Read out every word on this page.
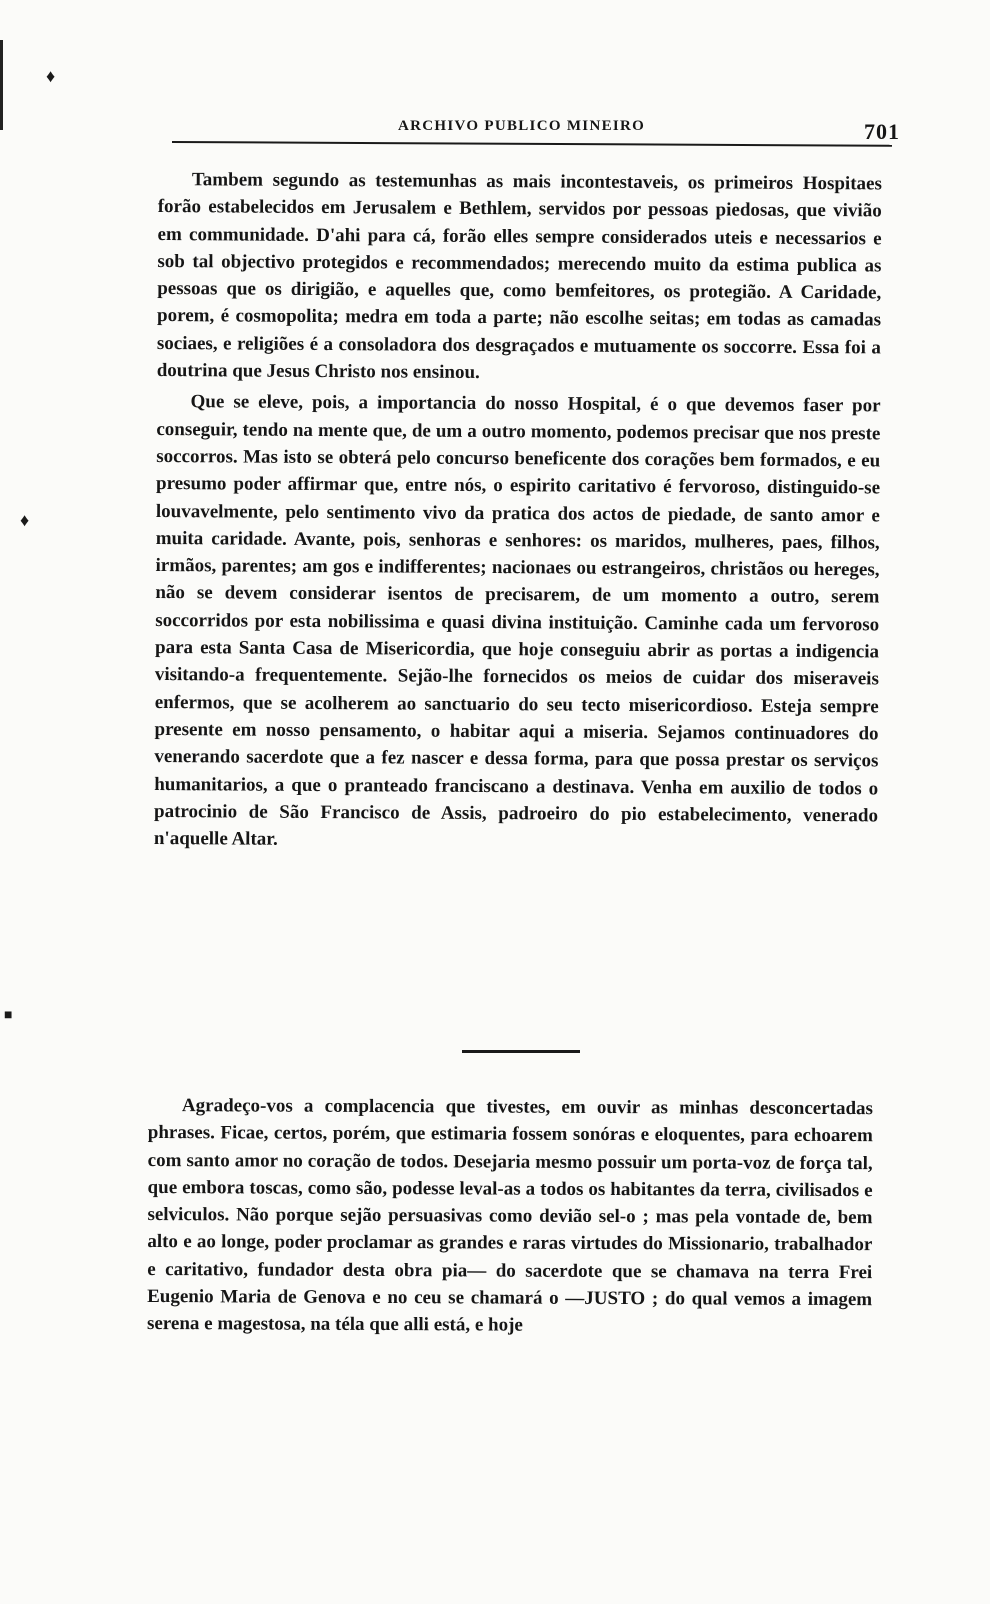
♦
♦
■
ARCHIVO PUBLICO MINEIRO	701

Tambem segundo as testemunhas as mais incontestaveis, os primeiros Hospitaes forão estabelecidos em Jerusalem e Bethlem, servidos por pessoas piedosas, que vivião em communidade. D'ahi para cá, forão elles sempre considerados uteis e necessarios e sob tal objectivo protegidos e recommendados; merecendo muito da estima publica as pessoas que os dirigião, e aquelles que, como bemfeitores, os protegião. A Caridade, porem, é cosmopolita; medra em toda a parte; não escolhe seitas; em todas as camadas sociaes, e religiões é a consoladora dos desgraçados e mutuamente os soccorre. Essa foi a doutrina que Jesus Christo nos ensinou.

Que se eleve, pois, a importancia do nosso Hospital, é o que devemos faser por conseguir, tendo na mente que, de um a outro momento, podemos precisar que nos preste soccorros. Mas isto se obterá pelo concurso beneficente dos corações bem formados, e eu presumo poder affirmar que, entre nós, o espirito caritativo é fervoroso, distinguido-se louvavelmente, pelo sentimento vivo da pratica dos actos de piedade, de santo amor e muita caridade. Avante, pois, senhoras e senhores: os maridos, mulheres, paes, filhos, irmãos, parentes; am gos e indifferentes; nacionaes ou estrangeiros, christãos ou hereges, não se devem considerar isentos de precisarem, de um momento a outro, serem soccorridos por esta nobilissima e quasi divina instituição. Caminhe cada um fervoroso para esta Santa Casa de Misericordia, que hoje conseguiu abrir as portas a indigencia visitando-a frequentemente. Sejão-lhe fornecidos os meios de cuidar dos miseraveis enfermos, que se acolherem ao sanctuario do seu tecto misericordioso. Esteja sempre presente em nosso pensamento, o habitar aqui a miseria. Sejamos continuadores do venerando sacerdote que a fez nascer e dessa forma, para que possa prestar os serviços humanitarios, a que o pranteado franciscano a destinava. Venha em auxilio de todos o patrocinio de São Francisco de Assis, padroeiro do pio estabelecimento, venerado n'aquelle Altar.

Agradeço-vos a complacencia que tivestes, em ouvir as minhas desconcertadas phrases. Ficae, certos, porém, que estimaria fossem sonóras e eloquentes, para echoarem com santo amor no coração de todos. Desejaria mesmo possuir um porta-voz de força tal, que embora toscas, como são, podesse leval-as a todos os habitantes da terra, civilisados e selviculos. Não porque sejão persuasivas como devião sel-o ; mas pela vontade de, bem alto e ao longe, poder proclamar as grandes e raras virtudes do Missionario, trabalhador e caritativo, fundador desta obra pia— do sacerdote que se chamava na terra Frei Eugenio Maria de Genova e no ceu se chamará o —JUSTO ; do qual vemos a imagem serena e magestosa, na téla que alli está, e hoje
